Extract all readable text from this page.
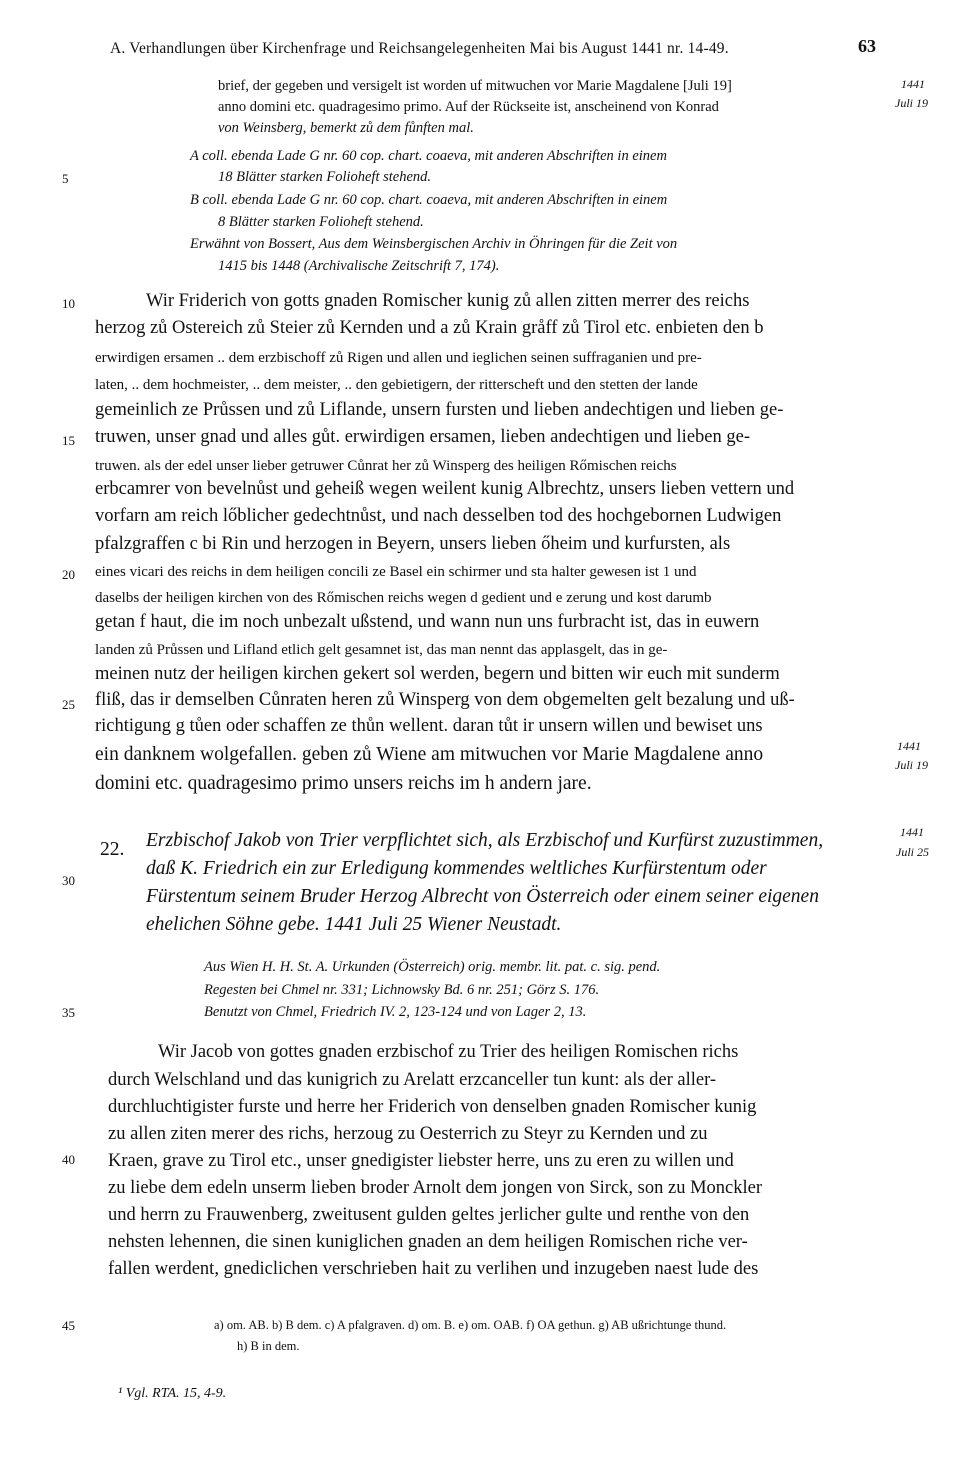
A. Verhandlungen über Kirchenfrage und Reichsangelegenheiten Mai bis August 1441 nr. 14-49.	63
brief, der gegeben und versigelt ist worden uf mitwuchen vor Marie Magdalene [Juli 19]
anno domini etc. quadragesimo primo. Auf der Rückseite ist, anscheinend von Konrad
von Weinsberg, bemerkt zů dem fůnften mal.
1441
Juli 19
A coll. ebenda Lade G nr. 60 cop. chart. coaeva, mit anderen Abschriften in einem
18 Blätter starken Folioheft stehend.
B coll. ebenda Lade G nr. 60 cop. chart. coaeva, mit anderen Abschriften in einem
8 Blätter starken Folioheft stehend.
Erwähnt von Bossert, Aus dem Weinsbergischen Archiv in Öhringen für die Zeit von
1415 bis 1448 (Archivalische Zeitschrift 7, 174).
5
10
15
20
25
30
35
40
45
Wir Friderich von gotts gnaden Romischer kunig zů allen zitten merrer des reichs
herzog zů Ostereich zů Steier zů Kernden und a zů Krain gråff zů Tirol etc. enbieten den b
erwirdigen ersamen .. dem erzbischoff zů Rigen und allen und ieglichen seinen suffraganien und pre-
laten, .. dem hochmeister, .. dem meister, .. den gebietigern, der ritterscheft und den stetten der lande
gemeinlich ze Průssen und zů Liflande, unsern fursten und lieben andechtigen und lieben ge-
truwen, unser gnad und alles gůt. erwirdigen ersamen, lieben andechtigen und lieben ge-
truwen. als der edel unser lieber getruwer Cůnrat her zů Winsperg des heiligen Rőmischen reichs
erbcamrer von bevelnůst und geheiß wegen weilent kunig Albrechtz, unsers lieben vettern und
vorfarn am reich lőblicher gedechtnůst, und nach desselben tod des hochgebornen Ludwigen
pfalzgraffen c bi Rin und herzogen in Beyern, unsers lieben őheim und kurfursten, als
eines vicari des reichs in dem heiligen concili ze Basel ein schirmer und sta halter gewesen ist 1 und
daselbs der heiligen kirchen von des Rőmischen reichs wegen d gedient und e zerung und kost darumb
getan f haut, die im noch unbezalt ußstend, und wann nun uns furbracht ist, das in euwern
landen zů Průssen und Lifland etlich gelt gesamnet ist, das man nennt das applasgelt, das in ge-
meinen nutz der heiligen kirchen gekert sol werden, begern und bitten wir euch mit sunderm
fliß, das ir demselben Cůnraten heren zů Winsperg von dem obgemelten gelt bezalung und uß-
richtigung g tůen oder schaffen ze thůn wellent. daran tůt ir unsern willen und bewiset uns
ein danknem wolgefallen. geben zů Wiene am mitwuchen vor Marie Magdalene anno
domini etc. quadragesimo primo unsers reichs im h andern jare.
1441
Juli 19
22. Erzbischof Jakob von Trier verpflichtet sich, als Erzbischof und Kurfürst zuzustimmen,
daß K. Friedrich ein zur Erledigung kommendes weltliches Kurfürstentum oder
Fürstentum seinem Bruder Herzog Albrecht von Österreich oder einem seiner eigenen
ehelichen Söhne gebe. 1441 Juli 25 Wiener Neustadt.
1441
Juli 25
Aus Wien H. H. St. A. Urkunden (Österreich) orig. membr. lit. pat. c. sig. pend.
Regesten bei Chmel nr. 331; Lichnowsky Bd. 6 nr. 251; Görz S. 176.
Benutzt von Chmel, Friedrich IV. 2, 123-124 und von Lager 2, 13.
Wir Jacob von gottes gnaden erzbischof zu Trier des heiligen Romischen richs
durch Welschland und das kunigrich zu Arelatt erzcanceller tun kunt: als der aller-
durchluchtigister furste und herre her Friderich von denselben gnaden Romischer kunig
zu allen ziten merer des richs, herzoug zu Oesterrich zu Steyr zu Kernden und zu
Kraen, grave zu Tirol etc., unser gnedigister liebster herre, uns zu eren zu willen und
zu liebe dem edeln unserm lieben broder Arnolt dem jongen von Sirck, son zu Monckler
und herrn zu Frauwenberg, zweitusent gulden geltes jerlicher gulte und renthe von den
nehsten lehennen, die sinen kuniglichen gnaden an dem heiligen Romischen riche ver-
fallen werdent, gnediclichen verschrieben hait zu verlihen und inzugeben naest lude des
a) om. AB. b) B dem. c) A pfalgraven. d) om. B. e) om. OAB. f) OA gethun. g) AB ußrichtunge thund.
h) B in dem.
¹ Vgl. RTA. 15, 4-9.
